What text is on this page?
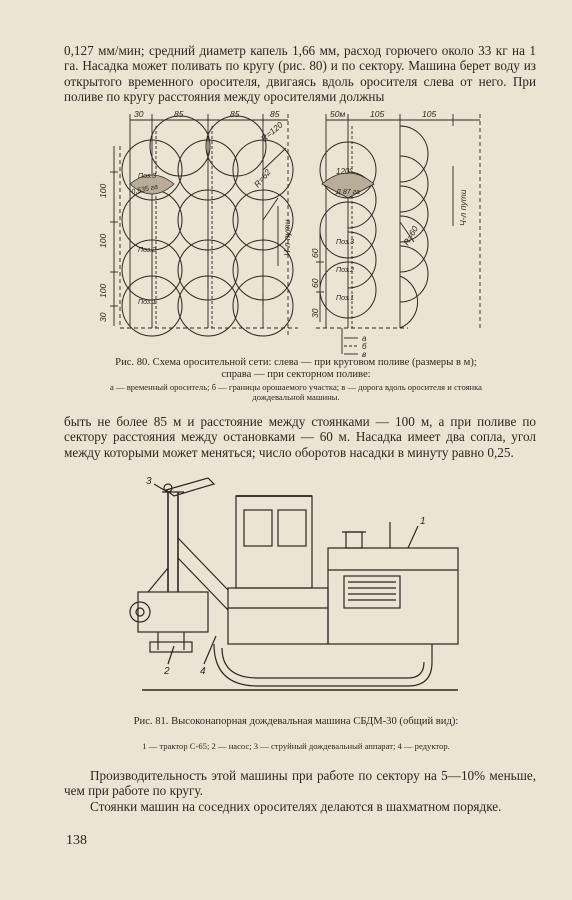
0,127 мм/мин; средний диаметр капель 1,66 мм, расход горючего около 33 кг на 1 га. Насадка может поливать по кругу (рис. 80) и по сектору. Машина берет воду из открытого временного оросителя, двигаясь вдоль оросителя слева от него. При поливе по кругу расстояния между оросителями должны

30	85	85	85
100
100
100
30
R=120
R=62
0,535 га
Поз.3
Поз.2
Поз.1
Ч-л пути
50м	105	105
120°
Д 87 га
R=60
Поз.3
Поз.2
Поз.1
60
60
30
Ч-л пути
а
б
в

Рис. 80. Схема оросительной сети: слева — при круговом поливе (размеры в м); справа — при секторном поливе:

а — временный ороситель; б — границы орошаемого участка; в — дорога вдоль оросителя и стоянка дождевальной машины.

быть не более 85 м и расстояние между стоянками — 100 м, а при поливе по сектору расстояния между остановками — 60 м. Насадка имеет два сопла, угол между которыми может меняться; число оборотов насадки в минуту равно 0,25.

1
2
3
4

Рис. 81. Высоконапорная дождевальная машина СБДМ-30 (общий вид):

1 — трактор С-65; 2 — насос; 3 — струйный дождевальный аппарат; 4 — редуктор.

Производительность этой машины при работе по сектору на 5—10% меньше, чем при работе по кругу.

Стоянки машин на соседних оросителях делаются в шахматном порядке.

138
